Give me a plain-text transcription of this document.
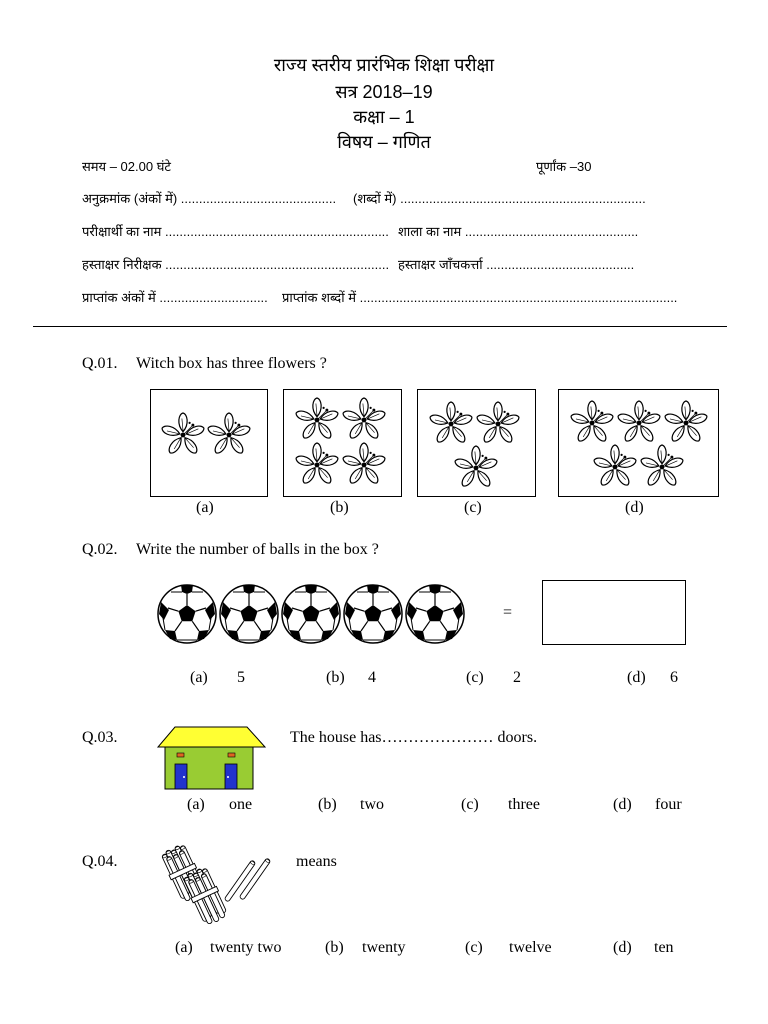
राज्य स्तरीय प्रारंभिक शिक्षा परीक्षा
सत्र 2018–19
कक्षा – 1
विषय – गणित
समय – 02.00 घंटे	पूर्णांक –30
अनुक्रमांक (अंकों में) ........................................... (शब्दों में) ....................................................................
परीक्षार्थी का नाम .............................................................. शाला का नाम ................................................
हस्ताक्षर निरीक्षक .............................................................. हस्ताक्षर जाँचकर्त्ता .........................................
प्राप्तांक अंकों में .............................. प्राप्तांक शब्दों में ........................................................................................
Q.01. Witch box has three flowers ?
(a)	(b)	(c)	(d)
Q.02. Write the number of balls in the box ?
=
(a) 5	(b) 4	(c) 2	(d) 6
Q.03.	The house has………………… doors.
(a) one	(b) two	(c) three	(d) four
Q.04.	means
(a) twenty two	(b) twenty	(c) twelve	(d) ten
